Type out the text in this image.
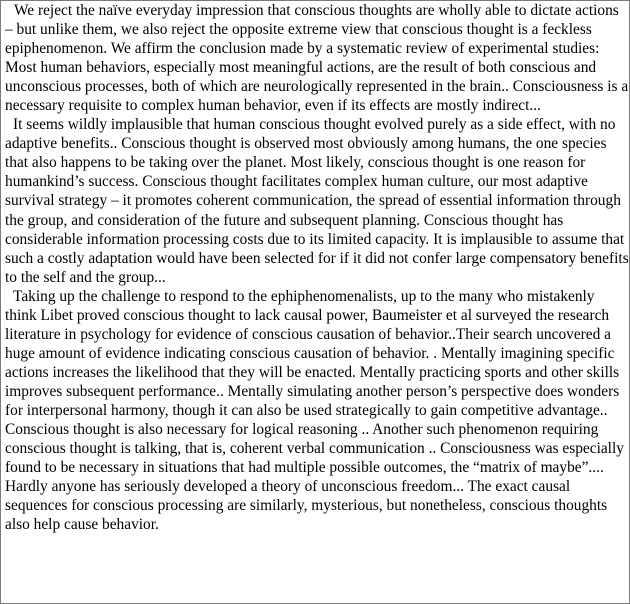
We reject the naïve everyday impression that conscious thoughts are wholly able to dictate actions – but unlike them, we also reject the opposite extreme view that conscious thought is a feckless epiphenomenon. We affirm the conclusion made by a systematic review of experimental studies: Most human behaviors, especially most meaningful actions, are the result of both conscious and unconscious processes, both of which are neurologically represented in the brain.. Consciousness is a necessary requisite to complex human behavior, even if its effects are mostly indirect...

It seems wildly implausible that human conscious thought evolved purely as a side effect, with no adaptive benefits.. Conscious thought is observed most obviously among humans, the one species that also happens to be taking over the planet. Most likely, conscious thought is one reason for humankind’s success. Conscious thought facilitates complex human culture, our most adaptive survival strategy – it promotes coherent communication, the spread of essential information through the group, and consideration of the future and subsequent planning. Conscious thought has considerable information processing costs due to its limited capacity. It is implausible to assume that such a costly adaptation would have been selected for if it did not confer large compensatory benefits to the self and the group...

Taking up the challenge to respond to the ephiphenomenalists, up to the many who mistakenly think Libet proved conscious thought to lack causal power, Baumeister et al surveyed the research literature in psychology for evidence of conscious causation of behavior..Their search uncovered a huge amount of evidence indicating conscious causation of behavior. . Mentally imagining specific actions increases the likelihood that they will be enacted. Mentally practicing sports and other skills improves subsequent performance.. Mentally simulating another person’s perspective does wonders for interpersonal harmony, though it can also be used strategically to gain competitive advantage.. Conscious thought is also necessary for logical reasoning .. Another such phenomenon requiring conscious thought is talking, that is, coherent verbal communication .. Consciousness was especially found to be necessary in situations that had multiple possible outcomes, the “matrix of maybe”.... Hardly anyone has seriously developed a theory of unconscious freedom... The exact causal sequences for conscious processing are similarly, mysterious, but nonetheless, conscious thoughts also help cause behavior.
